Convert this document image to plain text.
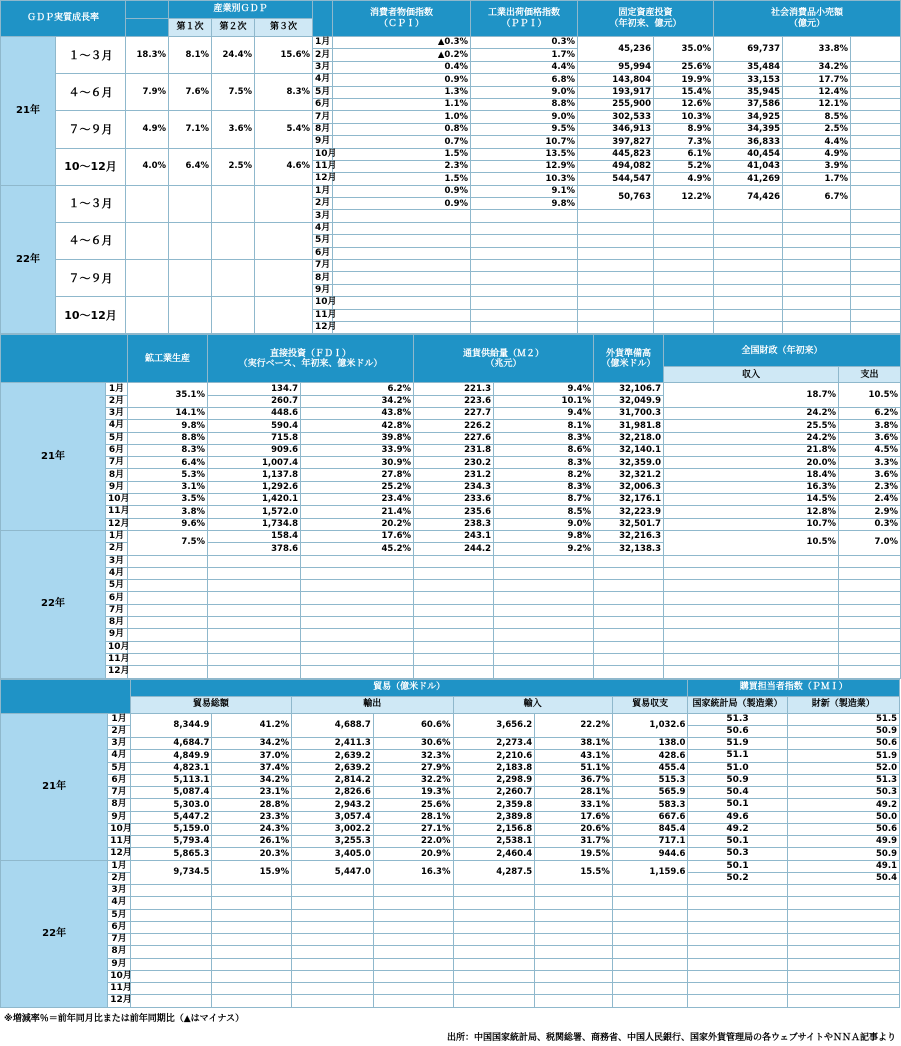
ＧＤＰ実質成長率			産業別ＧＤＰ				消費者物価指数
（ＣＰＩ）	工業出荷価格指数
（ＰＰＩ）	固定資産投資
（年初来、億元）		社会消費品小売額
（億元）		
			第１次	第２次	第３次								
21年	１～３月	18.3%	8.1%	24.4%	15.6%	1月	▲0.3%	0.3%	45,236	35.0%	69,737	33.8%	
						2月	▲0.2%	1.7%					
						3月	0.4%	4.4%	95,994	25.6%	35,484	34.2%	
	４～６月	7.9%	7.6%	7.5%	8.3%	4月	0.9%	6.8%	143,804	19.9%	33,153	17.7%	
						5月	1.3%	9.0%	193,917	15.4%	35,945	12.4%	
						6月	1.1%	8.8%	255,900	12.6%	37,586	12.1%	
	７～９月	4.9%	7.1%	3.6%	5.4%	7月	1.0%	9.0%	302,533	10.3%	34,925	8.5%	
						8月	0.8%	9.5%	346,913	8.9%	34,395	2.5%	
						9月	0.7%	10.7%	397,827	7.3%	36,833	4.4%	
	10～12月	4.0%	6.4%	2.5%	4.6%	10月	1.5%	13.5%	445,823	6.1%	40,454	4.9%	
						11月	2.3%	12.9%	494,082	5.2%	41,043	3.9%	
						12月	1.5%	10.3%	544,547	4.9%	41,269	1.7%	
22年	１～３月					1月	0.9%	9.1%	50,763	12.2%	74,426	6.7%	
						2月	0.9%	9.8%					
						3月							
	４～６月					4月							
						5月							
						6月							
	７～９月					7月							
						8月							
						9月							
	10～12月					10月							
						11月							
						12月							
		鉱工業生産	直接投資（ＦＤＩ）
（実行ベース、年初来、億米ドル）		通貨供給量（Ｍ２）
（兆元）		外貨準備高
（億米ドル）	全国財政（年初来）	
								収入	支出
21年	1月	35.1%	134.7	6.2%	221.3	9.4%	32,106.7	18.7%	10.5%
	2月		260.7	34.2%	223.6	10.1%	32,049.9		
	3月	14.1%	448.6	43.8%	227.7	9.4%	31,700.3	24.2%	6.2%
	4月	9.8%	590.4	42.8%	226.2	8.1%	31,981.8	25.5%	3.8%
	5月	8.8%	715.8	39.8%	227.6	8.3%	32,218.0	24.2%	3.6%
	6月	8.3%	909.6	33.9%	231.8	8.6%	32,140.1	21.8%	4.5%
	7月	6.4%	1,007.4	30.9%	230.2	8.3%	32,359.0	20.0%	3.3%
	8月	5.3%	1,137.8	27.8%	231.2	8.2%	32,321.2	18.4%	3.6%
	9月	3.1%	1,292.6	25.2%	234.3	8.3%	32,006.3	16.3%	2.3%
	10月	3.5%	1,420.1	23.4%	233.6	8.7%	32,176.1	14.5%	2.4%
	11月	3.8%	1,572.0	21.4%	235.6	8.5%	32,223.9	12.8%	2.9%
	12月	9.6%	1,734.8	20.2%	238.3	9.0%	32,501.7	10.7%	0.3%
22年	1月	7.5%	158.4	17.6%	243.1	9.8%	32,216.3	10.5%	7.0%
	2月		378.6	45.2%	244.2	9.2%	32,138.3		
	3月								
	4月								
	5月								
	6月								
	7月								
	8月								
	9月								
	10月								
	11月								
	12月								
		貿易（億米ドル）							購買担当者指数（ＰＭＩ）	
		貿易総額		輸出		輸入		貿易収支	国家統計局（製造業）	財新（製造業）

21年	1月	8,344.9	41.2%	4,688.7	60.6%	3,656.2	22.2%	1,032.6	51.3	51.5
	2月								50.6	50.9
	3月	4,684.7	34.2%	2,411.3	30.6%	2,273.4	38.1%	138.0	51.9	50.6
	4月	4,849.9	37.0%	2,639.2	32.3%	2,210.6	43.1%	428.6	51.1	51.9
	5月	4,823.1	37.4%	2,639.2	27.9%	2,183.8	51.1%	455.4	51.0	52.0
	6月	5,113.1	34.2%	2,814.2	32.2%	2,298.9	36.7%	515.3	50.9	51.3
	7月	5,087.4	23.1%	2,826.6	19.3%	2,260.7	28.1%	565.9	50.4	50.3
	8月	5,303.0	28.8%	2,943.2	25.6%	2,359.8	33.1%	583.3	50.1	49.2
	9月	5,447.2	23.3%	3,057.4	28.1%	2,389.8	17.6%	667.6	49.6	50.0
	10月	5,159.0	24.3%	3,002.2	27.1%	2,156.8	20.6%	845.4	49.2	50.6
	11月	5,793.4	26.1%	3,255.3	22.0%	2,538.1	31.7%	717.1	50.1	49.9
	12月	5,865.3	20.3%	3,405.0	20.9%	2,460.4	19.5%	944.6	50.3	50.9
22年	1月	9,734.5	15.9%	5,447.0	16.3%	4,287.5	15.5%	1,159.6	50.1	49.1
	2月								50.2	50.4
	3月									
	4月									
	5月									
	6月									
	7月									
	8月									
	9月									
	10月									
	11月									
	12月									
※増減率％＝前年同月比または前年同期比（▲はマイナス）
出所：中国国家統計局、税関総署、商務省、中国人民銀行、国家外貨管理局の各ウェブサイトやＮＮＡ記事より
